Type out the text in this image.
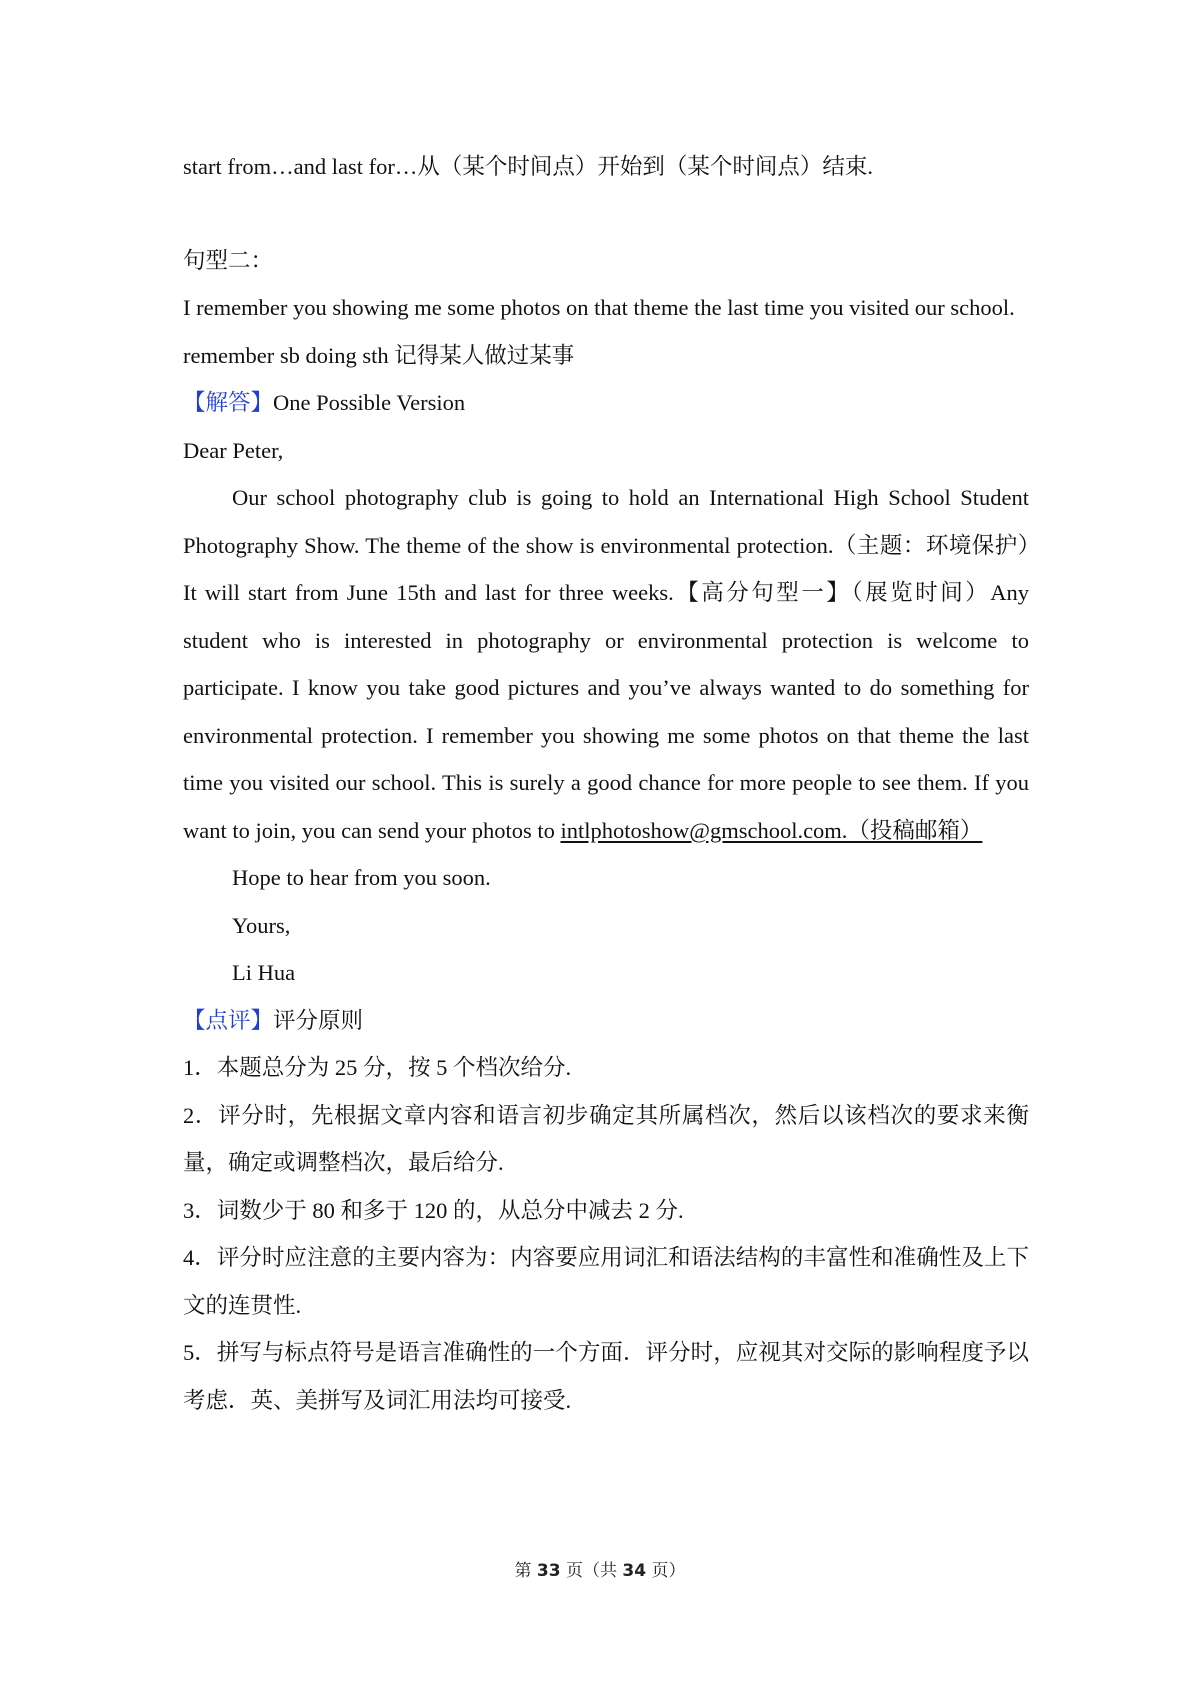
start from…and last for…从（某个时间点）开始到（某个时间点）结束.

句型二：

I remember you showing me some photos on that theme the last time you visited our school.

remember sb doing sth 记得某人做过某事

【解答】One Possible Version

Dear Peter,

Our school photography club is going to hold an International High School Student Photography Show. The theme of the show is environmental protection.（主题：环境保护）It will start from June 15th and last for three weeks.【高分句型一】（展览时间）Any student who is interested in photography or environmental protection is welcome to participate. I know you take good pictures and you’ve always wanted to do something for environmental protection. I remember you showing me some photos on that theme the last time you visited our school. This is surely a good chance for more people to see them. If you want to join, you can send your photos to intlphotoshow@gmschool.com.（投稿邮箱）

Hope to hear from you soon.

Yours,

Li Hua

【点评】评分原则

1．本题总分为 25 分，按 5 个档次给分.

2．评分时，先根据文章内容和语言初步确定其所属档次，然后以该档次的要求来衡量，确定或调整档次，最后给分.

3．词数少于 80 和多于 120 的，从总分中减去 2 分.

4．评分时应注意的主要内容为：内容要应用词汇和语法结构的丰富性和准确性及上下文的连贯性.

5．拼写与标点符号是语言准确性的一个方面．评分时，应视其对交际的影响程度予以考虑．英、美拼写及词汇用法均可接受.

第 33 页（共 34 页）
